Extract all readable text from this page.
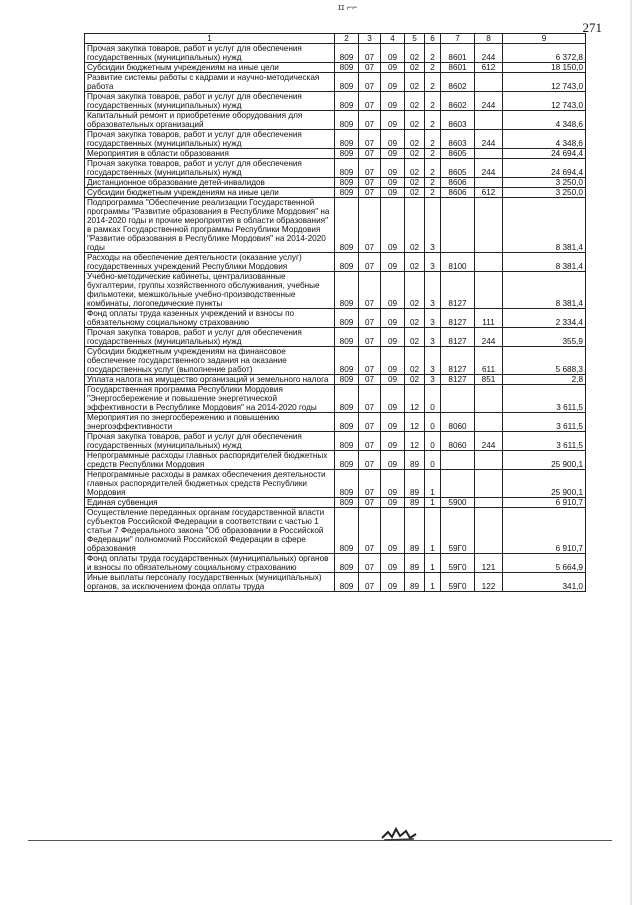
ɪɪ ⌐⌐
271
1	2	3	4	5	6	7	8	9
Прочая закупка товаров, работ и услуг для обеспечения государственных (муниципальных) нужд	809	07	09	02	2	8601	244	6 372,8
Субсидии бюджетным учреждениям на иные цели	809	07	09	02	2	8601	612	18 150,0
Развитие системы работы с кадрами и научно-методическая работа	809	07	09	02	2	8602		12 743,0
Прочая закупка товаров, работ и услуг для обеспечения государственных (муниципальных) нужд	809	07	09	02	2	8602	244	12 743,0
Капитальный ремонт и приобретение оборудования для образовательных организаций	809	07	09	02	2	8603		4 348,6
Прочая закупка товаров, работ и услуг для обеспечения государственных (муниципальных) нужд	809	07	09	02	2	8603	244	4 348,6
Мероприятия в области образования	809	07	09	02	2	8605		24 694,4
Прочая закупка товаров, работ и услуг для обеспечения государственных (муниципальных) нужд	809	07	09	02	2	8605	244	24 694,4
Дистанционное образование детей-инвалидов	809	07	09	02	2	8606		3 250,0
Субсидии бюджетным учреждениям на иные цели	809	07	09	02	2	8606	612	3 250,0
Подпрограмма "Обеспечение реализации Государственной программы "Развитие образования в Республике Мордовия" на 2014-2020 годы и прочие мероприятия в области образования" в рамках Государственной программы Республики Мордовия "Развитие образования в Республике Мордовия" на 2014-2020 годы	809	07	09	02	3			8 381,4
Расходы на обеспечение деятельности (оказание услуг) государственных учреждений Республики Мордовия	809	07	09	02	3	8100		8 381,4
Учебно-методические кабинеты, централизованные бухгалтерии, группы хозяйственного обслуживания, учебные фильмотеки, межшкольные учебно-производственные комбинаты, логопедические пункты	809	07	09	02	3	8127		8 381,4
Фонд оплаты труда казенных учреждений и взносы по обязательному социальному страхованию	809	07	09	02	3	8127	111	2 334,4
Прочая закупка товаров, работ и услуг для обеспечения государственных (муниципальных) нужд	809	07	09	02	3	8127	244	355,9
Субсидии бюджетным учреждениям на финансовое обеспечение государственного задания на оказание государственных услуг (выполнение работ)	809	07	09	02	3	8127	611	5 688,3
Уплата налога на имущество организаций и земельного налога	809	07	09	02	3	8127	851	2,8
Государственная программа Республики Мордовия "Энергосбережение и повышение энергетической эффективности в Республике Мордовия" на 2014-2020 годы	809	07	09	12	0			3 611,5
Мероприятия по энергосбережению и повышению энергоэффективности	809	07	09	12	0	8060		3 611,5
Прочая закупка товаров, работ и услуг для обеспечения государственных (муниципальных) нужд	809	07	09	12	0	8060	244	3 611,5
Непрограммные расходы главных распорядителей бюджетных средств Республики Мордовия	809	07	09	89	0			25 900,1
Непрограммные расходы в рамках обеспечения деятельности главных распорядителей бюджетных средств Республики Мордовия	809	07	09	89	1			25 900,1
Единая субвенция	809	07	09	89	1	5900		6 910,7
Осуществление переданных органам государственной власти субъектов Российской Федерации в соответствии с частью 1 статьи 7 Федерального закона "Об образовании в Российской Федерации" полномочий Российской Федерации в сфере образования	809	07	09	89	1	59Г0		6 910,7
Фонд оплаты труда государственных (муниципальных) органов и взносы по обязательному социальному страхованию	809	07	09	89	1	59Г0	121	5 664,9
Иные выплаты персоналу государственных (муниципальных) органов, за исключением фонда оплаты труда	809	07	09	89	1	59Г0	122	341,0
